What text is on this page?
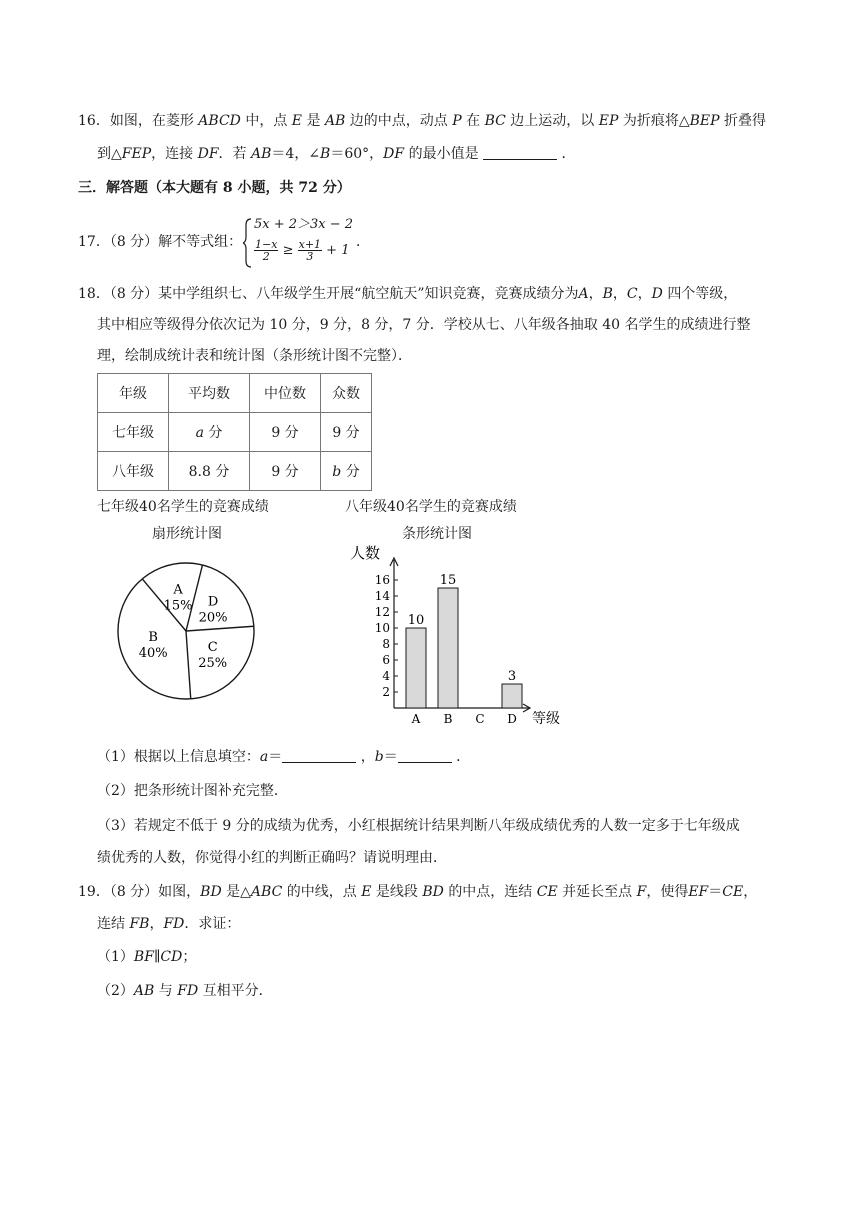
16．如图，在菱形 ABCD 中，点 E 是 AB 边的中点，动点 P 在 BC 边上运动，以 EP 为折痕将△BEP 折叠得
到△FEP，连接 DF．若 AB＝4，∠B＝60°，DF 的最小值是	．
三．解答题（本大题有 8 小题，共 72 分）
17．（8 分）解不等式组：
5x + 2＞3x − 2
$\frac{1-x}{2} \ge \frac{x+1}{3} + 1$
．
18．（8 分）某中学组织七、八年级学生开展“航空航天”知识竞赛，竞赛成绩分为A，B，C，D 四个等级，
其中相应等级得分依次记为 10 分，9 分，8 分，7 分．学校从七、八年级各抽取 40 名学生的成绩进行整
理，绘制成统计表和统计图（条形统计图不完整）．
年级	平均数	中位数	众数
七年级	a 分	9 分	9 分
八年级	8.8 分	9 分	b 分
七年级40名学生的竞赛成绩
扇形统计图
A
15% D
20%
C
25%
B
40%
八年级40名学生的竞赛成绩
条形统计图
人数
等级
2
4
6
8
10
12
14
16
10
A
15
B C
3
D
（1）根据以上信息填空：a＝	，b＝	．
（2）把条形统计图补充完整．
（3）若规定不低于 9 分的成绩为优秀，小红根据统计结果判断八年级成绩优秀的人数一定多于七年级成
绩优秀的人数，你觉得小红的判断正确吗？请说明理由．
19．（8 分）如图，BD 是△ABC 的中线，点 E 是线段 BD 的中点，连结 CE 并延长至点 F，使得EF＝CE，
连结 FB，FD．求证：
（1）BF∥CD；
（2）AB 与 FD 互相平分．
